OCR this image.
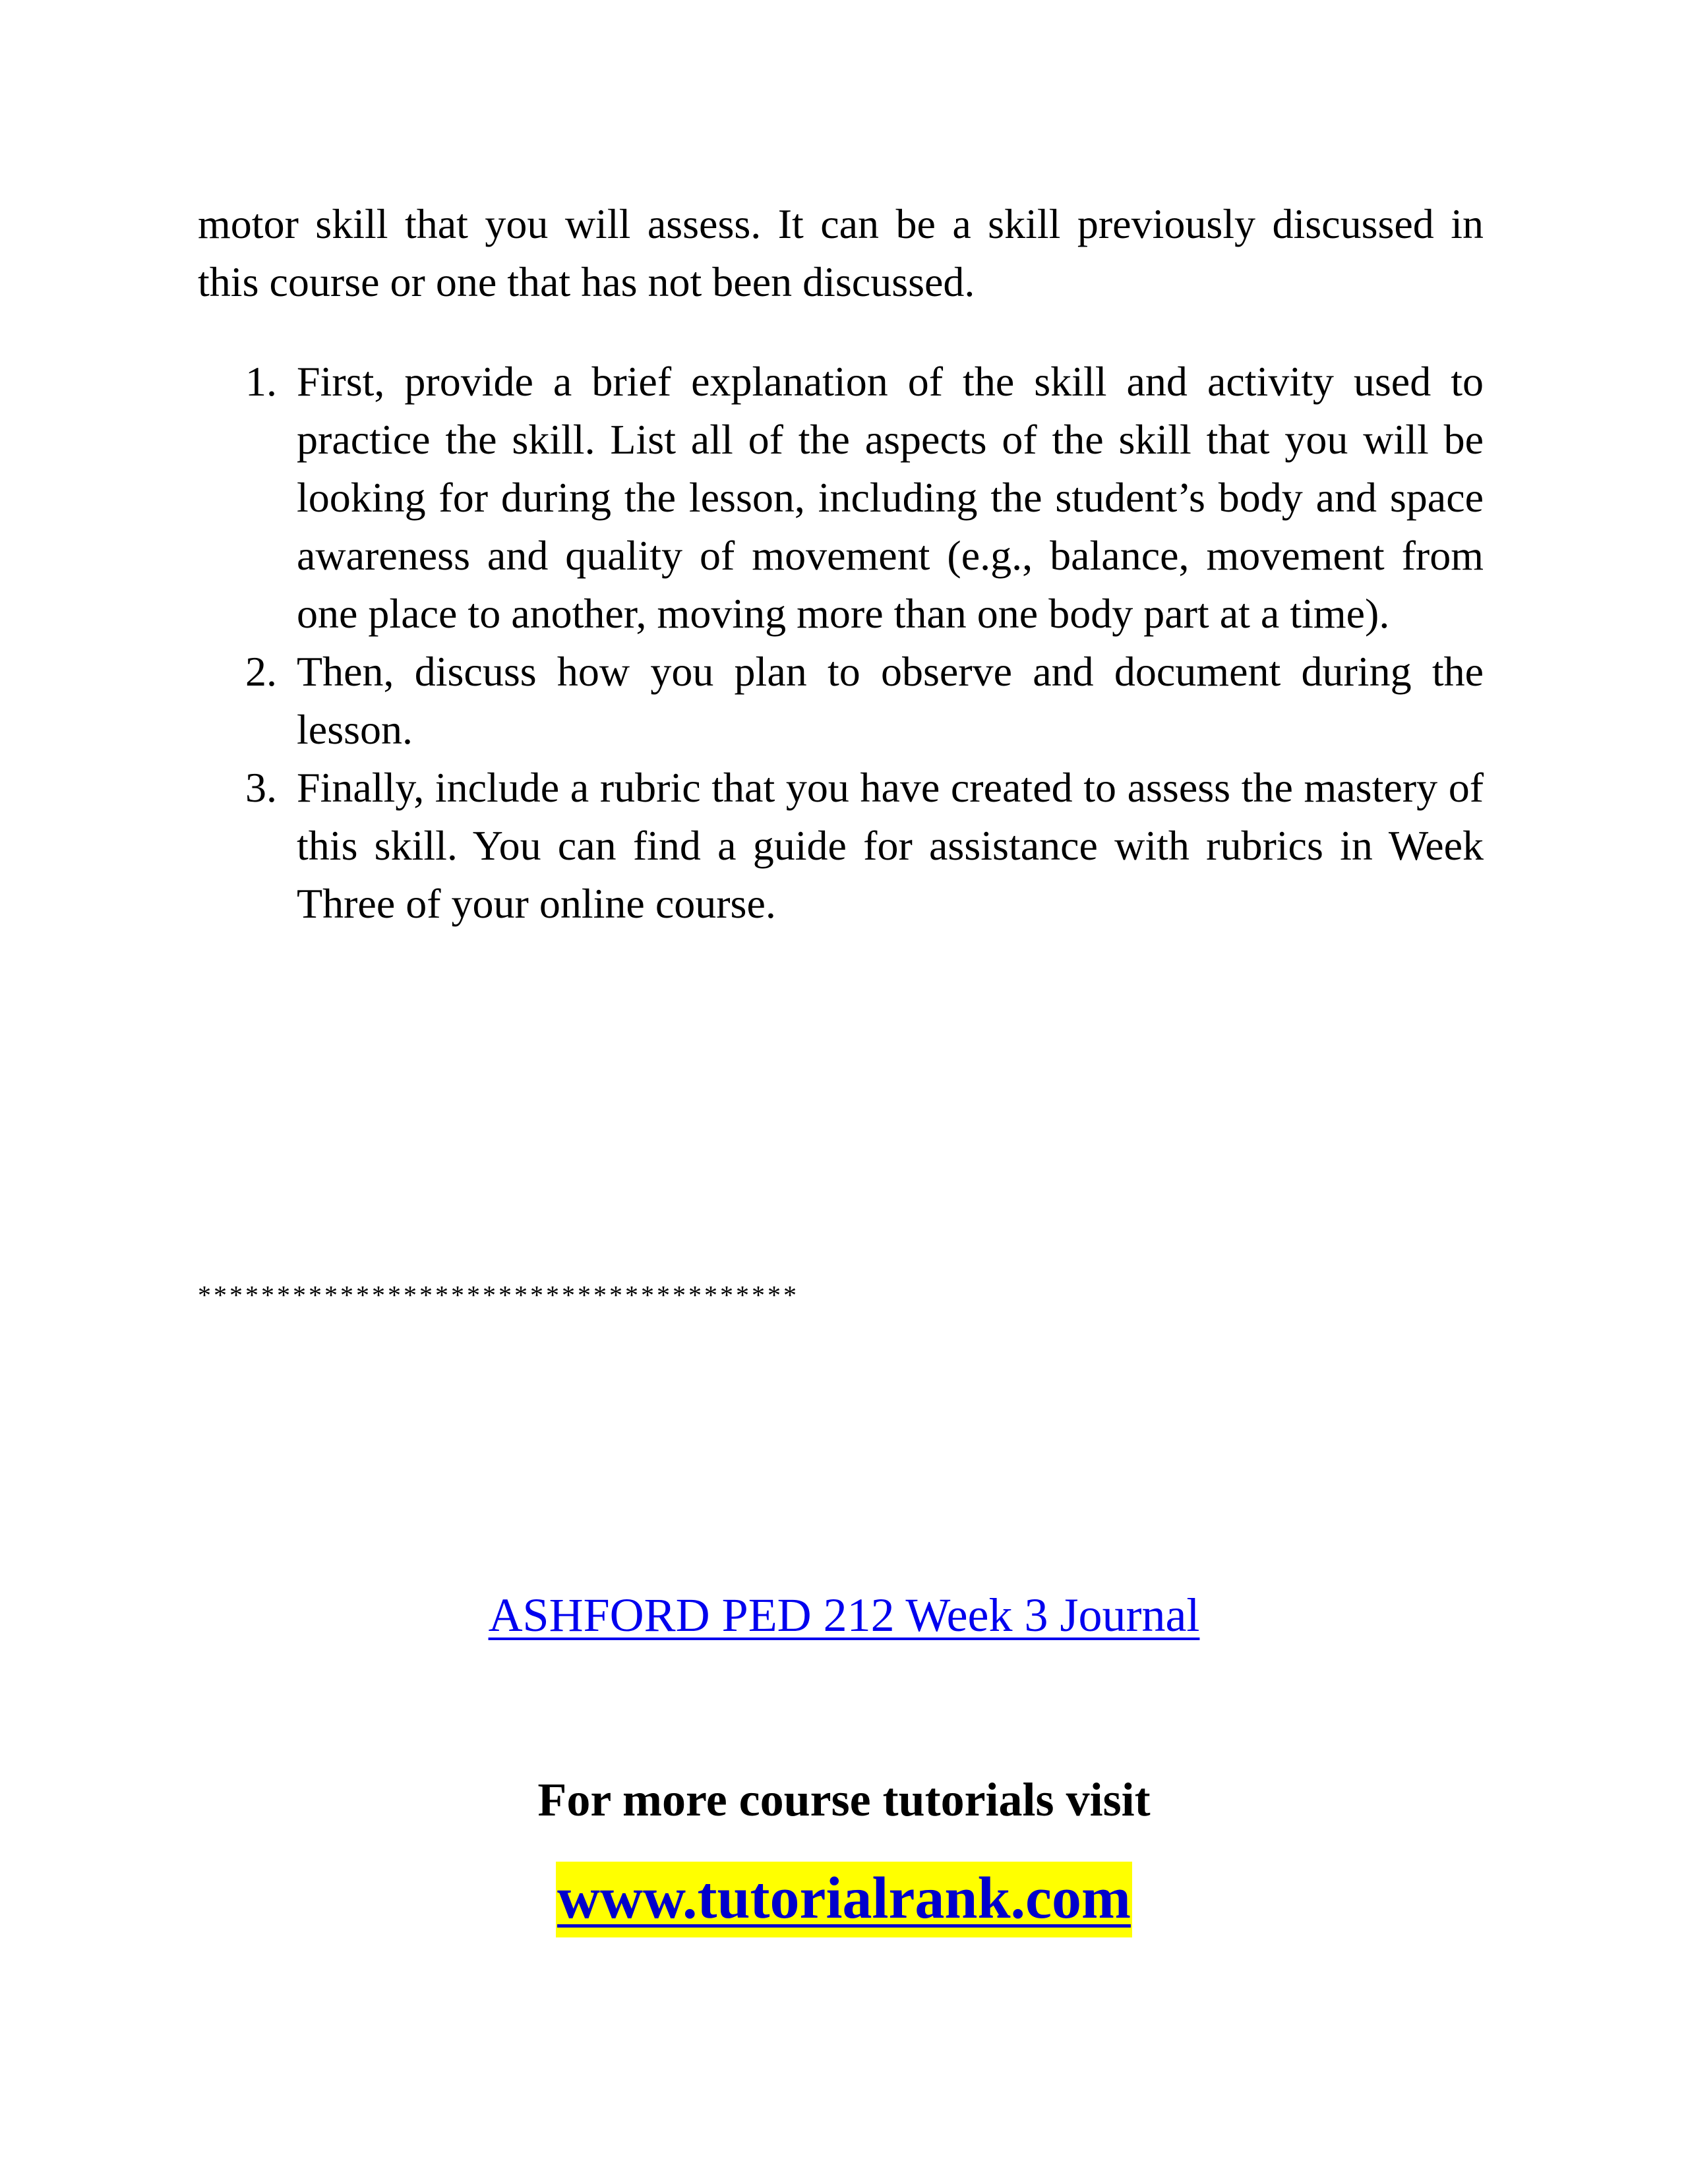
motor skill that you will assess. It can be a skill previously discussed in
this course or one that has not been discussed.
1. First, provide a brief explanation of the skill and activity used to practice the skill. List all of the aspects of the skill that you will be looking for during the lesson, including the student’s body and space awareness and quality of movement (e.g., balance, movement from one place to another, moving more than one body part at a time).
2. Then, discuss how you plan to observe and document during the lesson.
3. Finally, include a rubric that you have created to assess the mastery of this skill. You can find a guide for assistance with rubrics in Week Three of your online course.
**************************************
ASHFORD PED 212 Week 3 Journal
For more course tutorials visit
www.tutorialrank.com
